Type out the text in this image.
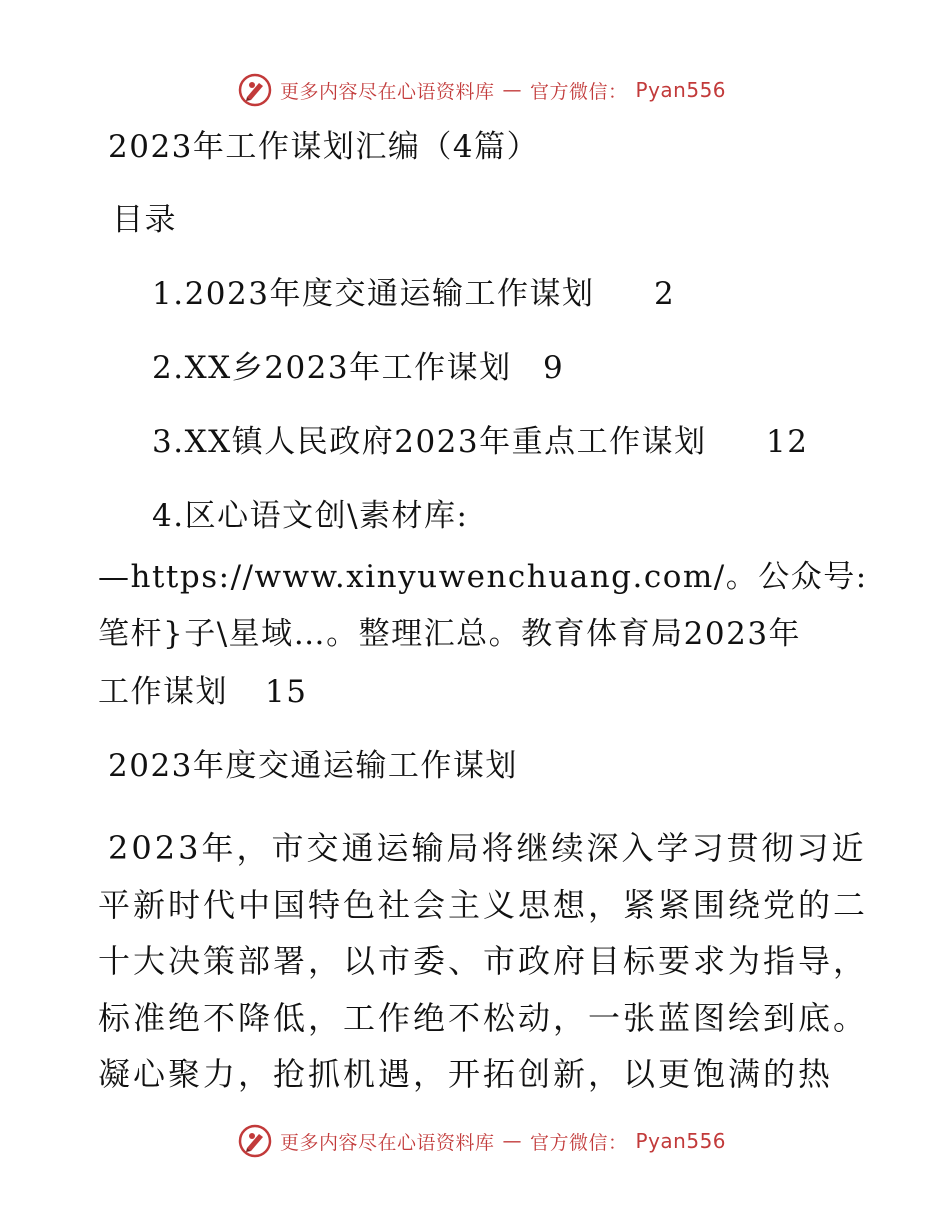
更多内容尽在心语资料库 — 官方微信： Pyan556
2023年工作谋划汇编（4篇）
目录
1.2023年度交通运输工作谋划 2
2.XX乡2023年工作谋划 9
3.XX镇人民政府2023年重点工作谋划 12
4.区心语文创\素材库:
—https://www.xinyuwenchuang.com/。公众号:
笔杆}子\星域…。整理汇总。教育体育局2023年
工作谋划 15
2023年度交通运输工作谋划
2023年，市交通运输局将继续深入学习贯彻习近
平新时代中国特色社会主义思想，紧紧围绕党的二
十大决策部署，以市委、市政府目标要求为指导，
标准绝不降低，工作绝不松动，一张蓝图绘到底。
凝心聚力，抢抓机遇，开拓创新，以更饱满的热
更多内容尽在心语资料库 — 官方微信： Pyan556
